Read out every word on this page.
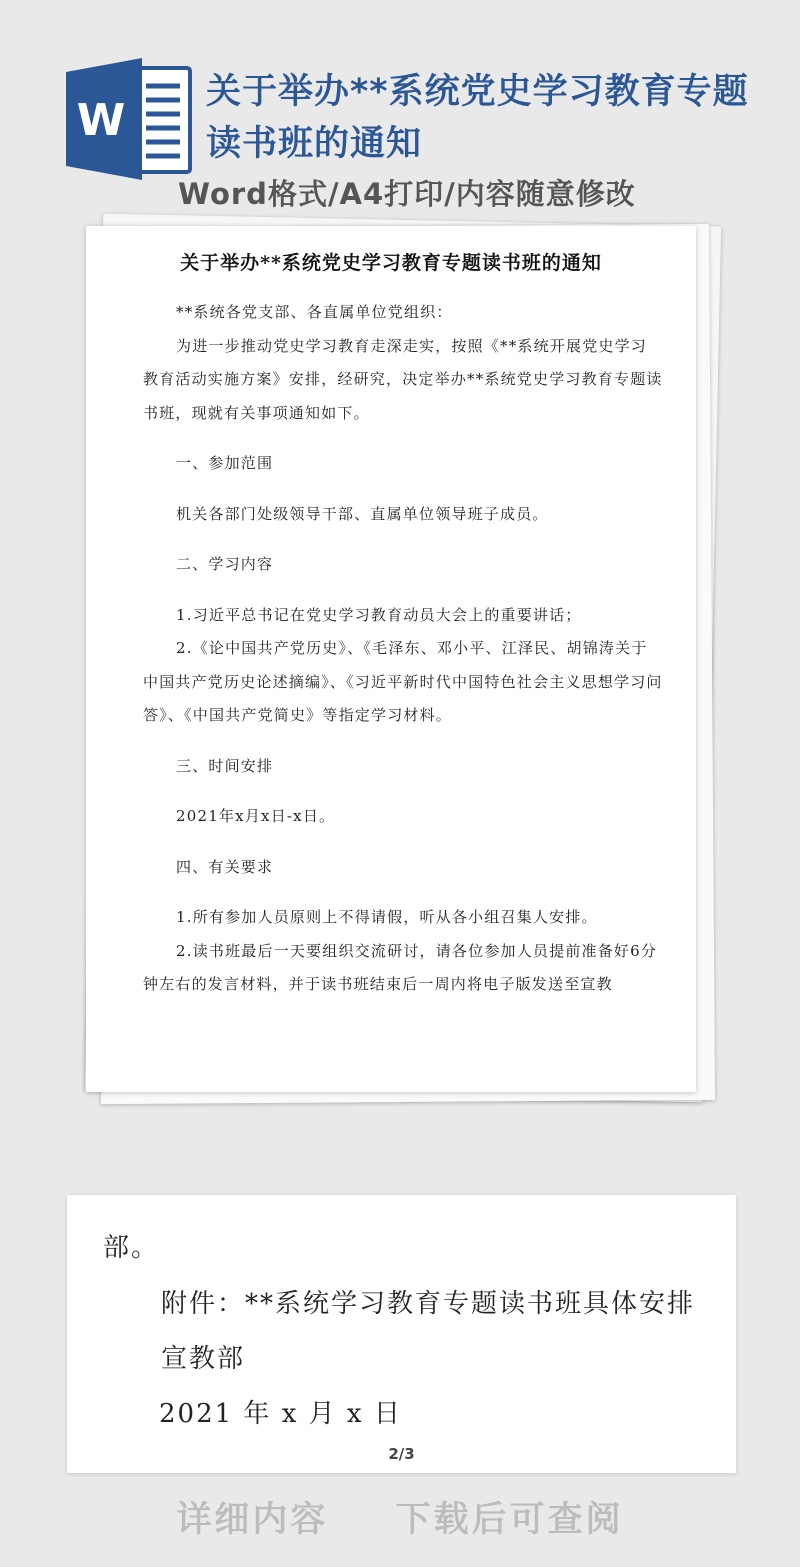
W
关于举办**系统党史学习教育专题读书班的通知
Word格式/A4打印/内容随意修改
关于举办**系统党史学习教育专题读书班的通知

**系统各党支部、各直属单位党组织：

为进一步推动党史学习教育走深走实，按照《**系统开展党史学习教育活动实施方案》安排，经研究，决定举办**系统党史学习教育专题读书班，现就有关事项通知如下。

一、参加范围

机关各部门处级领导干部、直属单位领导班子成员。

二、学习内容

1.习近平总书记在党史学习教育动员大会上的重要讲话；

2.《论中国共产党历史》、《毛泽东、邓小平、江泽民、胡锦涛关于中国共产党历史论述摘编》、《习近平新时代中国特色社会主义思想学习问答》、《中国共产党简史》等指定学习材料。

三、时间安排

2021年x月x日-x日。

四、有关要求

1.所有参加人员原则上不得请假，听从各小组召集人安排。

2.读书班最后一天要组织交流研讨，请各位参加人员提前准备好6分钟左右的发言材料，并于读书班结束后一周内将电子版发送至宣教

部。
附件：**系统学习教育专题读书班具体安排
宣教部
2021 年 x 月 x 日
2/3
详细内容 下载后可查阅
